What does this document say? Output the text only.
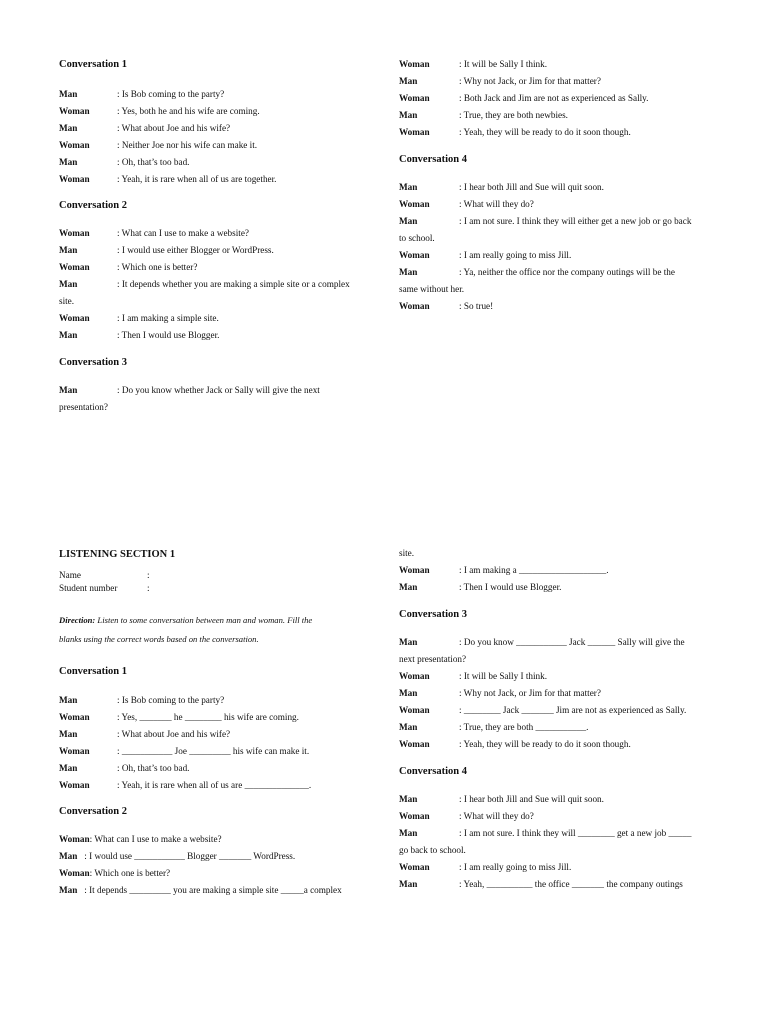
Conversation 1
Man	: Is Bob coming to the party?
Woman	: Yes, both he and his wife are coming.
Man	: What about Joe and his wife?
Woman	: Neither Joe nor his wife can make it.
Man	: Oh, that’s too bad.
Woman	: Yeah, it is rare when all of us are together.
Conversation 2
Woman	: What can I use to make a website?
Man	: I would use either Blogger or WordPress.
Woman	: Which one is better?
Man	: It depends whether you are making a simple site or a complex
site.
Woman	: I am making a simple site.
Man	: Then I would use Blogger.
Conversation 3
Man	: Do you know whether Jack or Sally will give the next
presentation?
Woman	: It will be Sally I think.
Man	: Why not Jack, or Jim for that matter?
Woman	: Both Jack and Jim are not as experienced as Sally.
Man	: True, they are both newbies.
Woman	: Yeah, they will be ready to do it soon though.
Conversation 4
Man	: I hear both Jill and Sue will quit soon.
Woman	: What will they do?
Man	: I am not sure. I think they will either get a new job or go back
to school.
Woman	: I am really going to miss Jill.
Man	: Ya, neither the office nor the company outings will be the
same without her.
Woman	: So true!
LISTENING SECTION 1
Name	:
Student number	:
Direction: Listen to some conversation between man and woman. Fill the
blanks using the correct words based on the conversation.
Conversation 1
Man	: Is Bob coming to the party?
Woman	: Yes, _______ he ________ his wife are coming.
Man	: What about Joe and his wife?
Woman	: ___________ Joe _________ his wife can make it.
Man	: Oh, that’s too bad.
Woman	: Yeah, it is rare when all of us are ______________.
Conversation 2
Woman: What can I use to make a website?
Man   : I would use ___________ Blogger _______ WordPress.
Woman: Which one is better?
Man   : It depends _________ you are making a simple site _____a complex
site.
Woman	: I am making a ___________________.
Man	: Then I would use Blogger.
Conversation 3
Man	: Do you know ___________ Jack ______ Sally will give the
next presentation?
Woman	: It will be Sally I think.
Man	: Why not Jack, or Jim for that matter?
Woman	: ________ Jack _______ Jim are not as experienced as Sally.
Man	: True, they are both ___________.
Woman	: Yeah, they will be ready to do it soon though.
Conversation 4
Man	: I hear both Jill and Sue will quit soon.
Woman	: What will they do?
Man	: I am not sure. I think they will ________ get a new job _____
go back to school.
Woman	: I am really going to miss Jill.
Man	: Yeah, __________ the office _______ the company outings
